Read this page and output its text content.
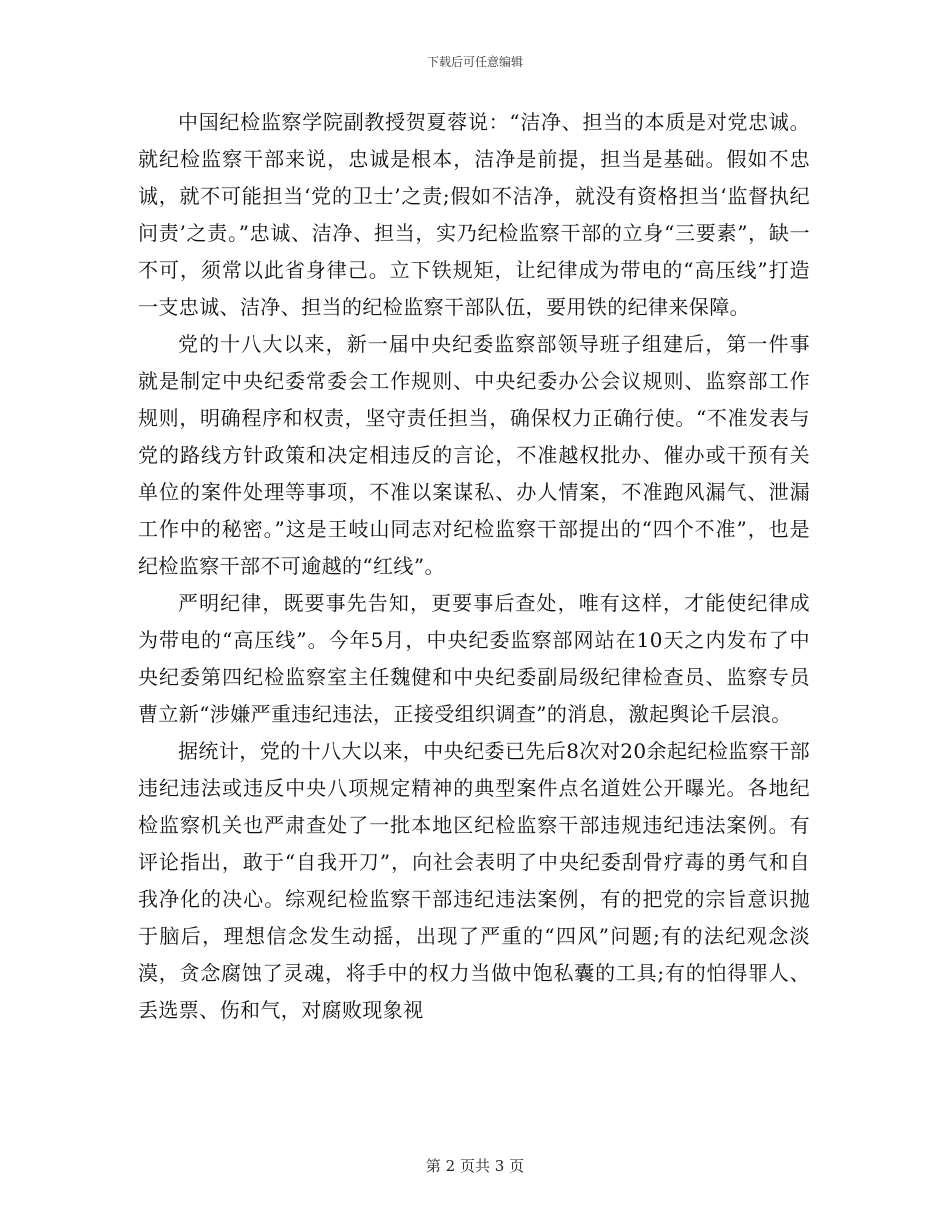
下载后可任意编辑

中国纪检监察学院副教授贺夏蓉说：“洁净、担当的本质是对党忠诚。就纪检监察干部来说，忠诚是根本，洁净是前提，担当是基础。假如不忠诚，就不可能担当‘党的卫士’之责;假如不洁净，就没有资格担当‘监督执纪问责’之责。”忠诚、洁净、担当，实乃纪检监察干部的立身“三要素”，缺一不可，须常以此省身律己。立下铁规矩，让纪律成为带电的“高压线”打造一支忠诚、洁净、担当的纪检监察干部队伍，要用铁的纪律来保障。

党的十八大以来，新一届中央纪委监察部领导班子组建后，第一件事就是制定中央纪委常委会工作规则、中央纪委办公会议规则、监察部工作规则，明确程序和权责，坚守责任担当，确保权力正确行使。“不准发表与党的路线方针政策和决定相违反的言论，不准越权批办、催办或干预有关单位的案件处理等事项，不准以案谋私、办人情案，不准跑风漏气、泄漏工作中的秘密。”这是王岐山同志对纪检监察干部提出的“四个不准”，也是纪检监察干部不可逾越的“红线”。

严明纪律，既要事先告知，更要事后查处，唯有这样，才能使纪律成为带电的“高压线”。今年5月，中央纪委监察部网站在10天之内发布了中央纪委第四纪检监察室主任魏健和中央纪委副局级纪律检查员、监察专员曹立新“涉嫌严重违纪违法，正接受组织调查”的消息，激起舆论千层浪。

据统计，党的十八大以来，中央纪委已先后8次对20余起纪检监察干部违纪违法或违反中央八项规定精神的典型案件点名道姓公开曝光。各地纪检监察机关也严肃查处了一批本地区纪检监察干部违规违纪违法案例。有评论指出，敢于“自我开刀”，向社会表明了中央纪委刮骨疗毒的勇气和自我净化的决心。综观纪检监察干部违纪违法案例，有的把党的宗旨意识抛于脑后，理想信念发生动摇，出现了严重的“四风”问题;有的法纪观念淡漠，贪念腐蚀了灵魂，将手中的权力当做中饱私囊的工具;有的怕得罪人、丢选票、伤和气，对腐败现象视

第 2 页共 3 页
